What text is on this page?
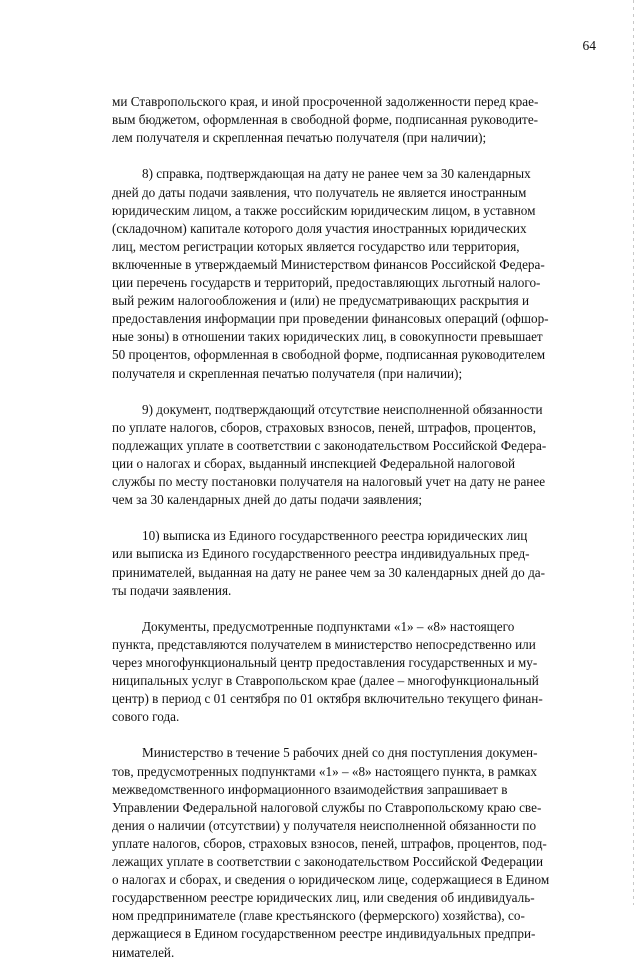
64

ми Ставропольского края, и иной просроченной задолженности перед крае-
вым бюджетом, оформленная в свободной форме, подписанная руководите-
лем получателя и скрепленная печатью получателя (при наличии);

8) справка, подтверждающая на дату не ранее чем за 30 календарных
дней до даты подачи заявления, что получатель не является иностранным
юридическим лицом, а также российским юридическим лицом, в уставном
(складочном) капитале которого доля участия иностранных юридических
лиц, местом регистрации которых является государство или территория,
включенные в утверждаемый Министерством финансов Российской Федера-
ции перечень государств и территорий, предоставляющих льготный налого-
вый режим налогообложения и (или) не предусматривающих раскрытия и
предоставления информации при проведении финансовых операций (офшор-
ные зоны) в отношении таких юридических лиц, в совокупности превышает
50 процентов, оформленная в свободной форме, подписанная руководителем
получателя и скрепленная печатью получателя (при наличии);

9) документ, подтверждающий отсутствие неисполненной обязанности
по уплате налогов, сборов, страховых взносов, пеней, штрафов, процентов,
подлежащих уплате в соответствии с законодательством Российской Федера-
ции о налогах и сборах, выданный инспекцией Федеральной налоговой
службы по месту постановки получателя на налоговый учет на дату не ранее
чем за 30 календарных дней до даты подачи заявления;

10) выписка из Единого государственного реестра юридических лиц
или выписка из Единого государственного реестра индивидуальных пред-
принимателей, выданная на дату не ранее чем за 30 календарных дней до да-
ты подачи заявления.

Документы, предусмотренные подпунктами «1» – «8» настоящего
пункта, представляются получателем в министерство непосредственно или
через многофункциональный центр предоставления государственных и му-
ниципальных услуг в Ставропольском крае (далее – многофункциональный
центр) в период с 01 сентября по 01 октября включительно текущего финан-
сового года.

Министерство в течение 5 рабочих дней со дня поступления докумен-
тов, предусмотренных подпунктами «1» – «8» настоящего пункта, в рамках
межведомственного информационного взаимодействия запрашивает в
Управлении Федеральной налоговой службы по Ставропольскому краю све-
дения о наличии (отсутствии) у получателя неисполненной обязанности по
уплате налогов, сборов, страховых взносов, пеней, штрафов, процентов, под-
лежащих уплате в соответствии с законодательством Российской Федерации
о налогах и сборах, и сведения о юридическом лице, содержащиеся в Едином
государственном реестре юридических лиц, или сведения об индивидуаль-
ном предпринимателе (главе крестьянского (фермерского) хозяйства), со-
держащиеся в Едином государственном реестре индивидуальных предпри-
нимателей.
